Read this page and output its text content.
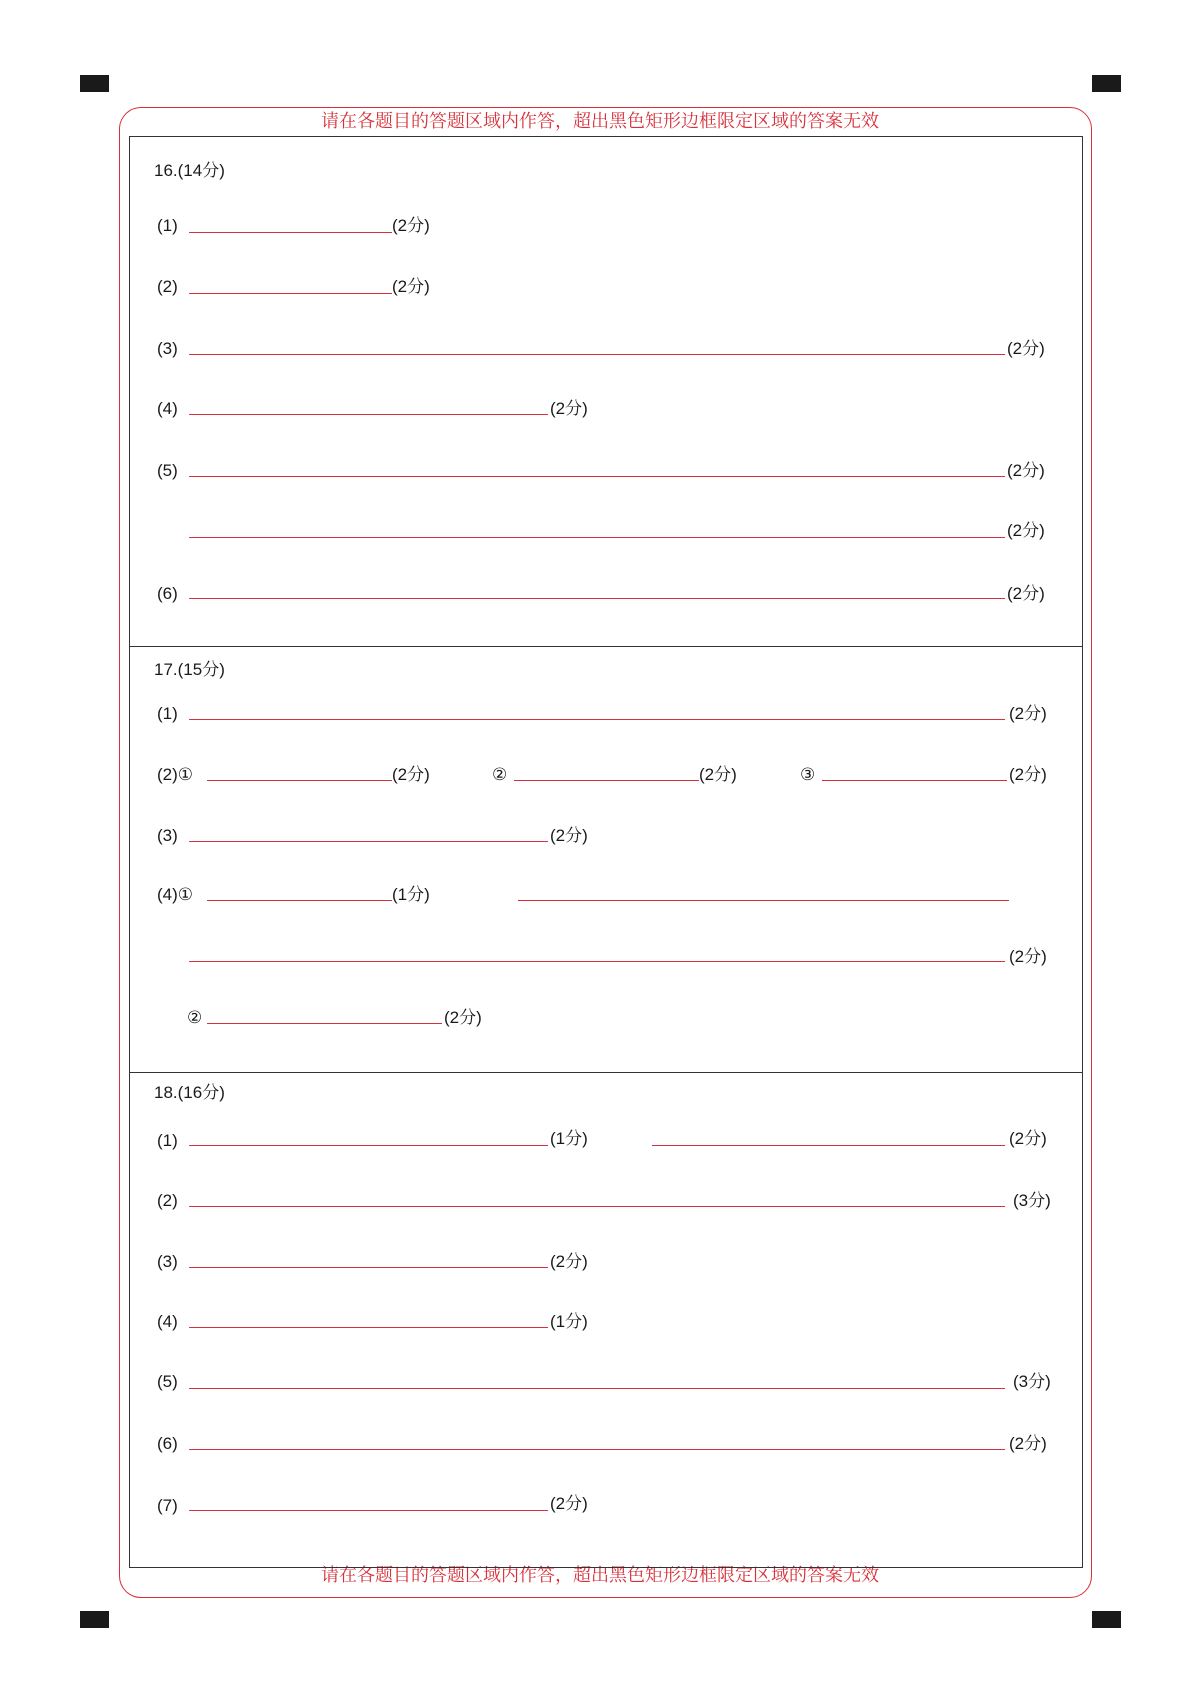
请在各题目的答题区域内作答，超出黑色矩形边框限定区域的答案无效
请在各题目的答题区域内作答，超出黑色矩形边框限定区域的答案无效
16.(14分)
(1)	(2分)
(2)	(2分)
(3)	(2分)
(4)	(2分)
(5)	(2分)
(2分)
(6)	(2分)
17.(15分)
(1)	(2分)
(2)①	(2分)	②	(2分)	③	(2分)
(3)	(2分)
(4)①	(1分)
(2分)
②	(2分)
18.(16分)
(1)	(1分)	(2分)
(2)	(3分)
(3)	(2分)
(4)	(1分)
(5)	(3分)
(6)	(2分)
(7)	(2分)
